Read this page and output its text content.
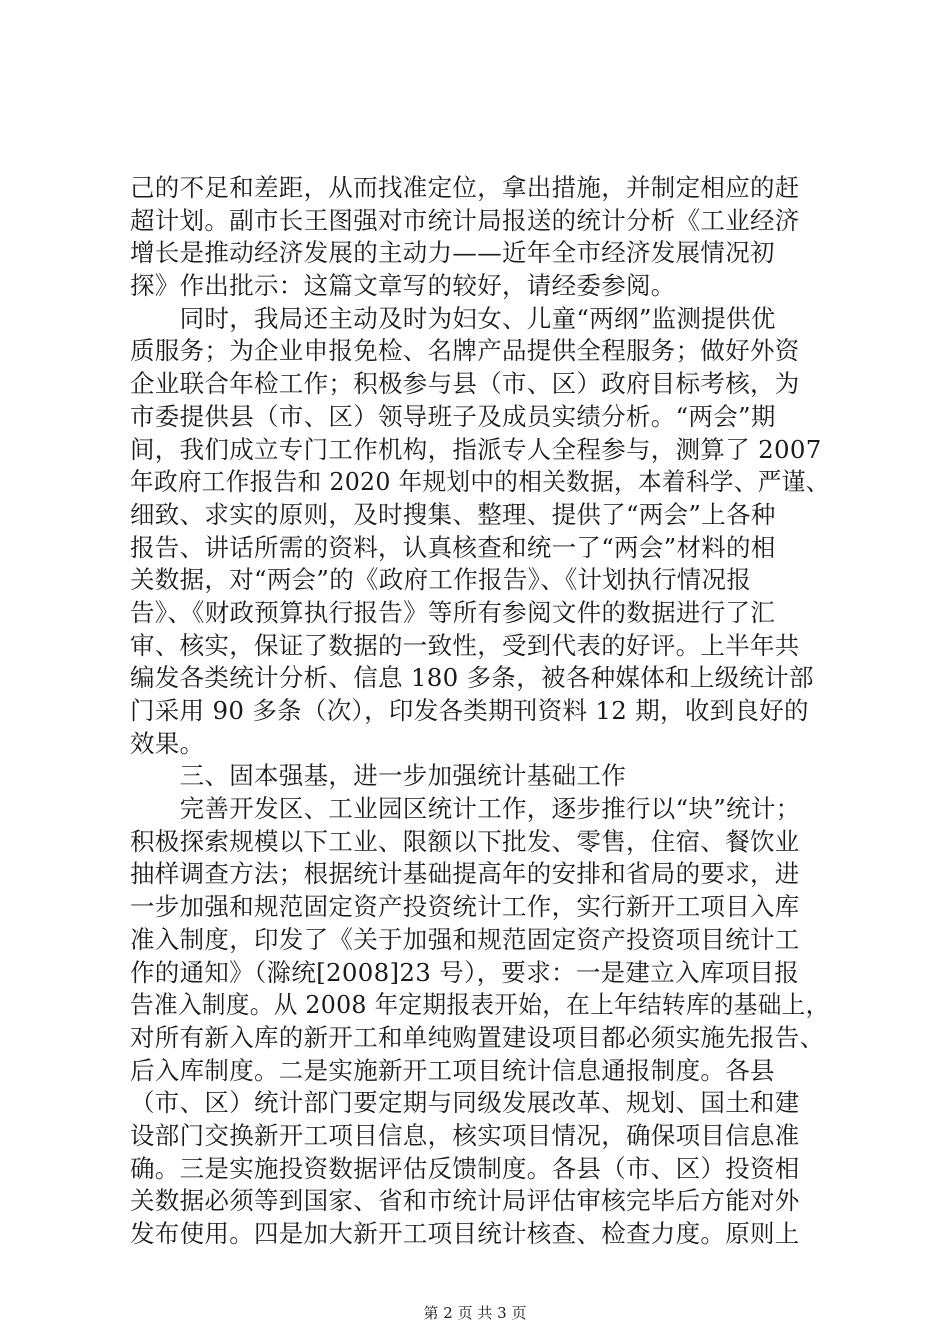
己的不足和差距，从而找准定位，拿出措施，并制定相应的赶
超计划。副市长王图强对市统计局报送的统计分析《工业经济
增长是推动经济发展的主动力——近年全市经济发展情况初
探》作出批示：这篇文章写的较好，请经委参阅。
　　同时，我局还主动及时为妇女、儿童“两纲”监测提供优
质服务；为企业申报免检、名牌产品提供全程服务；做好外资
企业联合年检工作；积极参与县（市、区）政府目标考核，为
市委提供县（市、区）领导班子及成员实绩分析。“两会”期
间，我们成立专门工作机构，指派专人全程参与，测算了 2007
年政府工作报告和 2020 年规划中的相关数据，本着科学、严谨、
细致、求实的原则，及时搜集、整理、提供了“两会”上各种
报告、讲话所需的资料，认真核查和统一了“两会”材料的相
关数据，对“两会”的《政府工作报告》、《计划执行情况报
告》、《财政预算执行报告》等所有参阅文件的数据进行了汇
审、核实，保证了数据的一致性，受到代表的好评。上半年共
编发各类统计分析、信息 180 多条，被各种媒体和上级统计部
门采用 90 多条（次），印发各类期刊资料 12 期，收到良好的
效果。
　　三、固本强基，进一步加强统计基础工作
　　完善开发区、工业园区统计工作，逐步推行以“块”统计；
积极探索规模以下工业、限额以下批发、零售，住宿、餐饮业
抽样调查方法；根据统计基础提高年的安排和省局的要求，进
一步加强和规范固定资产投资统计工作，实行新开工项目入库
准入制度，印发了《关于加强和规范固定资产投资项目统计工
作的通知》（滁统[2008]23 号），要求：一是建立入库项目报
告准入制度。从 2008 年定期报表开始，在上年结转库的基础上，
对所有新入库的新开工和单纯购置建设项目都必须实施先报告、
后入库制度。二是实施新开工项目统计信息通报制度。各县
（市、区）统计部门要定期与同级发展改革、规划、国土和建
设部门交换新开工项目信息，核实项目情况，确保项目信息准
确。三是实施投资数据评估反馈制度。各县（市、区）投资相
关数据必须等到国家、省和市统计局评估审核完毕后方能对外
发布使用。四是加大新开工项目统计核查、检查力度。原则上
第 2 页 共 3 页
